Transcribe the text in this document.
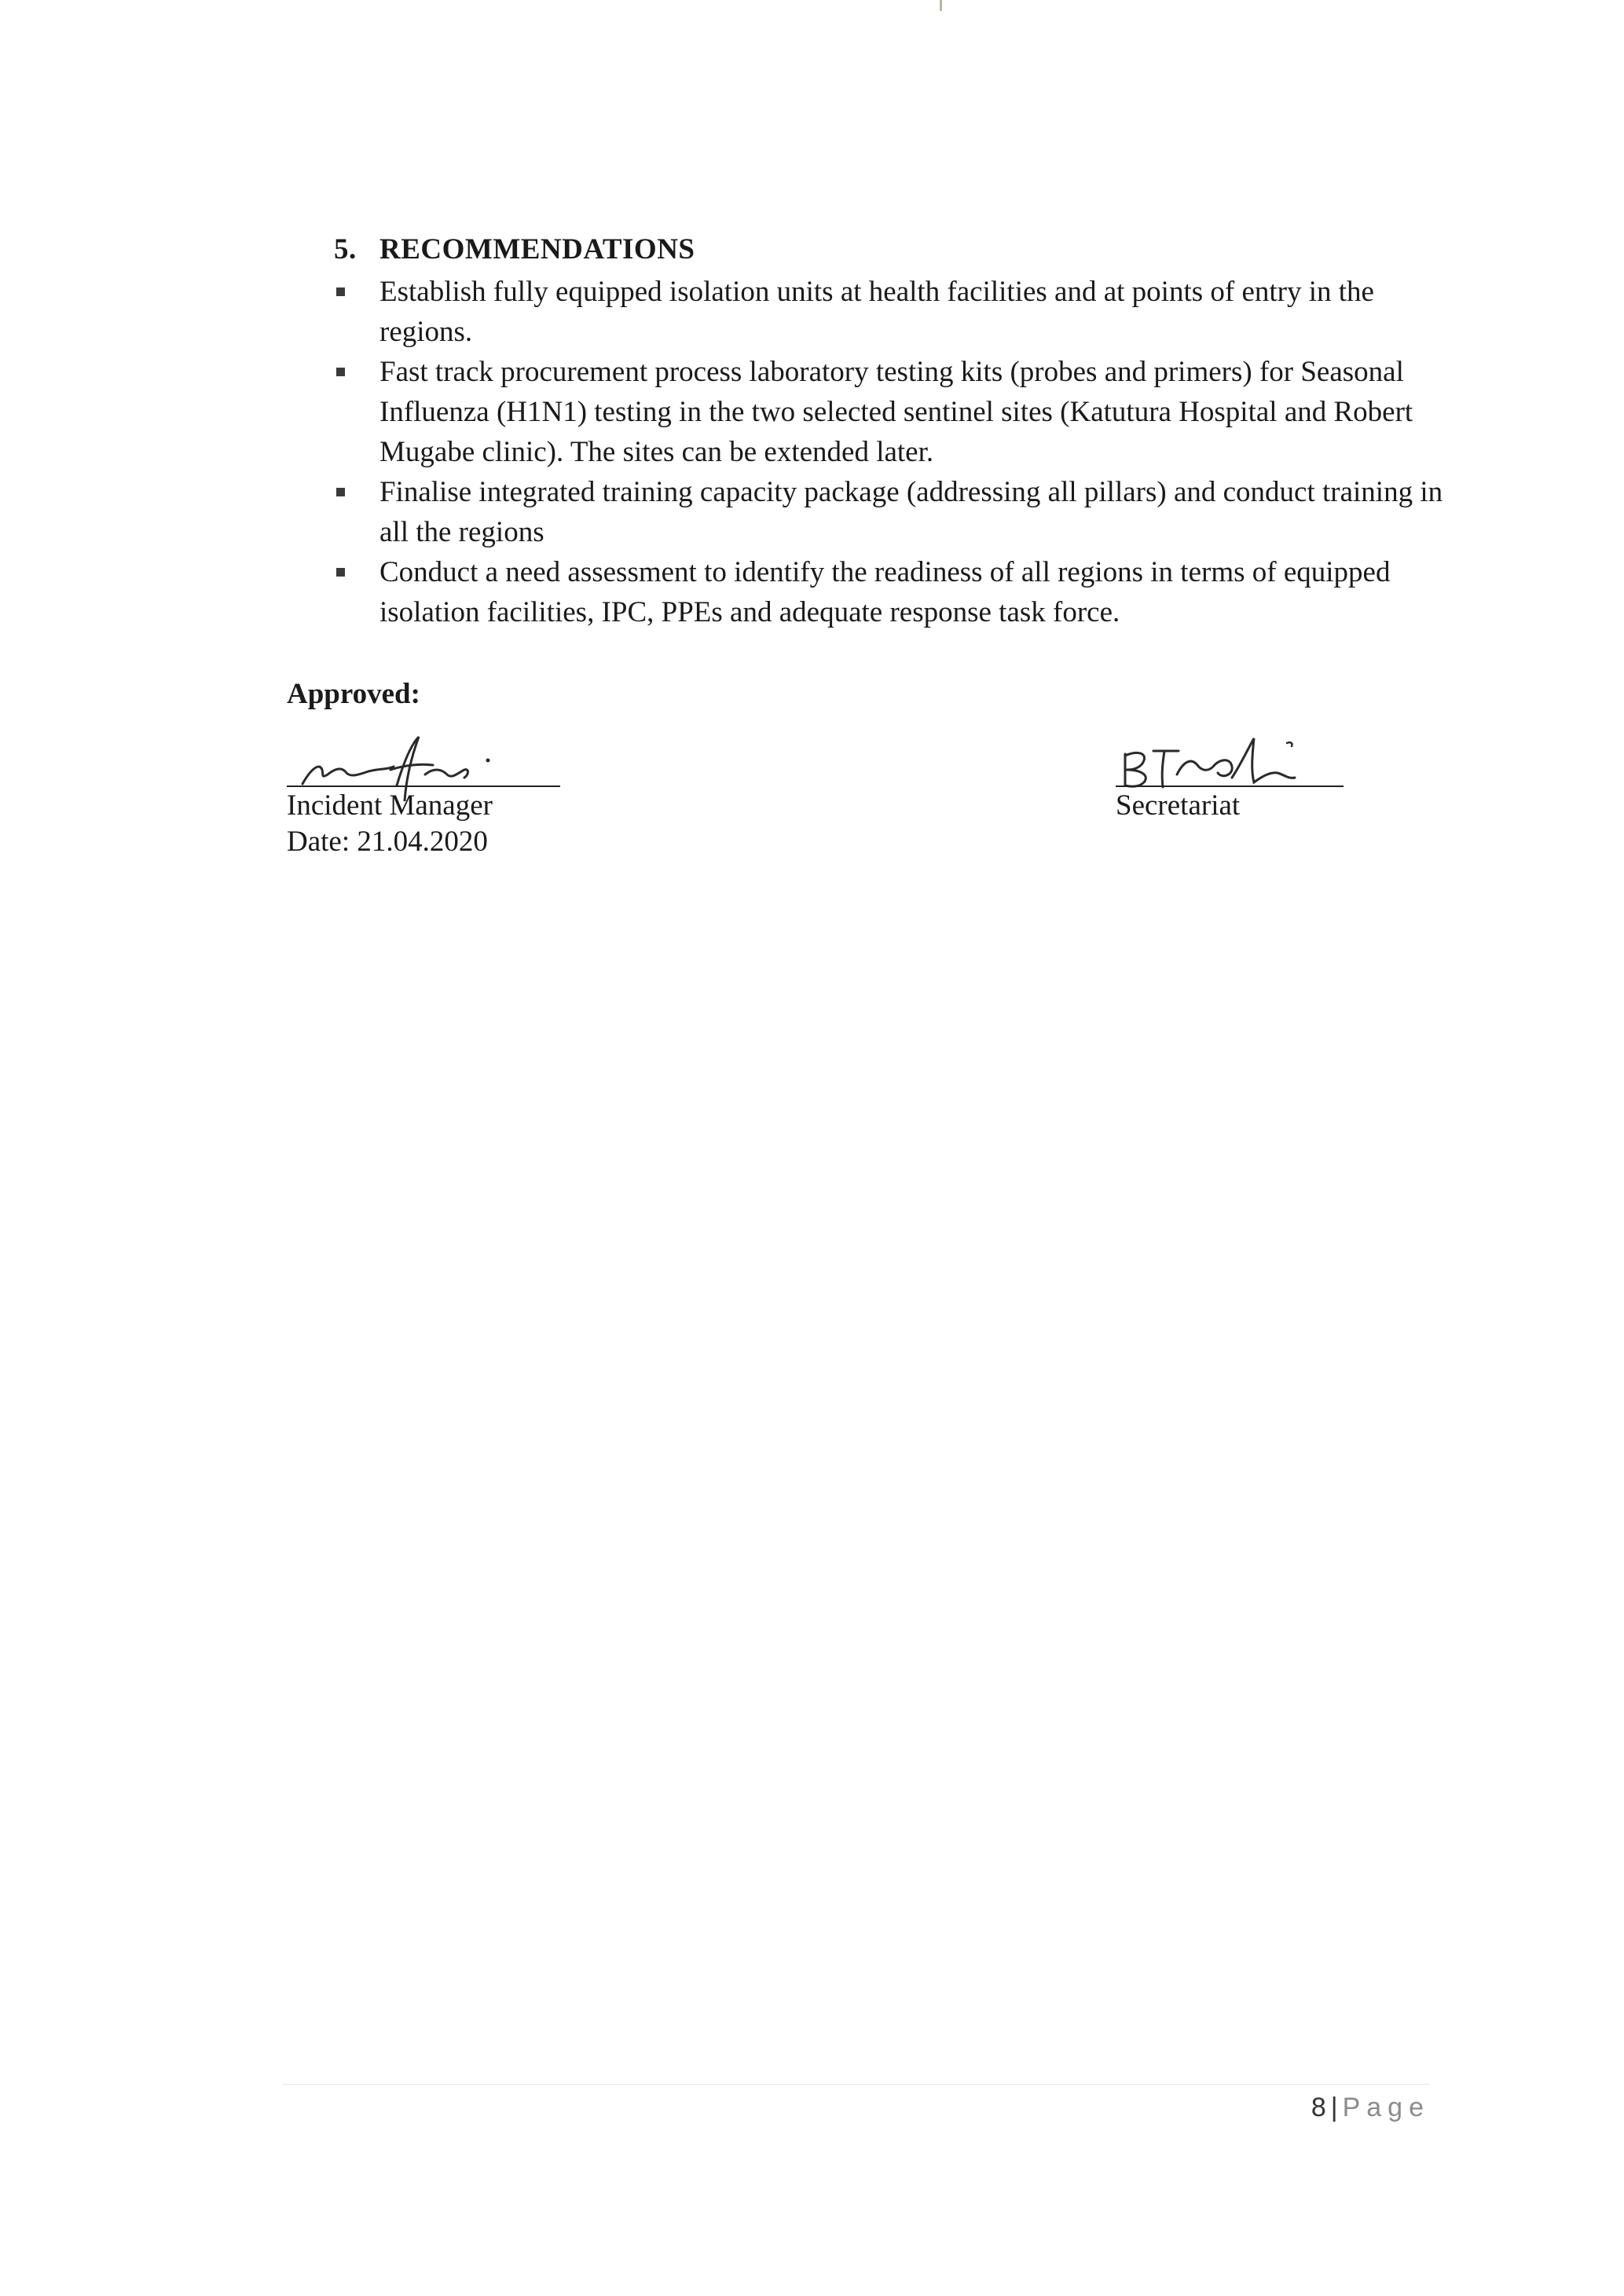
5. RECOMMENDATIONS
Establish fully equipped isolation units at health facilities and at points of entry in the regions.
Fast track procurement process laboratory testing kits (probes and primers) for Seasonal Influenza (H1N1) testing in the two selected sentinel sites (Katutura Hospital and Robert Mugabe clinic). The sites can be extended later.
Finalise integrated training capacity package (addressing all pillars) and conduct training in all the regions
Conduct a need assessment to identify the readiness of all regions in terms of equipped isolation facilities, IPC, PPEs and adequate response task force.
Approved:
Incident Manager
Date: 21.04.2020
Secretariat
8 | Page
